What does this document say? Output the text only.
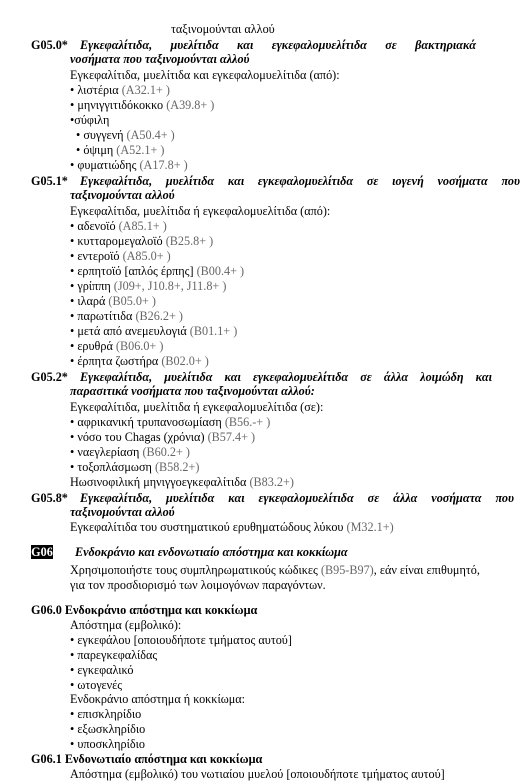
ταξινομούνται αλλού
G05.0* Εγκεφαλίτιδα, μυελίτιδα και εγκεφαλομυελίτιδα σε βακτηριακά
νοσήματα που ταξινομούνται αλλού
Εγκεφαλίτιδα, μυελίτιδα και εγκεφαλομυελίτιδα (από):
• λιστέρια (A32.1+ )
• μηνιγγιτιδόκοκκο (A39.8+ )
•σύφιλη
• συγγενή (A50.4+ )
• όψιμη (A52.1+ )
• φυματιώδης (A17.8+ )
G05.1* Εγκεφαλίτιδα, μυελίτιδα και εγκεφαλομυελίτιδα σε ιογενή νοσήματα που
ταξινομούνται αλλού
Εγκεφαλίτιδα, μυελίτιδα ή εγκεφαλομυελίτιδα (από):
• αδενοϊό (A85.1+ )
• κυτταρομεγαλοϊό (B25.8+ )
• εντεροϊό (A85.0+ )
• ερπητοϊό [απλός έρπης] (B00.4+ )
• γρίππη (J09+, J10.8+, J11.8+ )
• ιλαρά (B05.0+ )
• παρωτίτιδα (B26.2+ )
• μετά από ανεμευλογιά (B01.1+ )
• ερυθρά (B06.0+ )
• έρπητα ζωστήρα (B02.0+ )
G05.2* Εγκεφαλίτιδα, μυελίτιδα και εγκεφαλομυελίτιδα σε άλλα λοιμώδη και
παρασιτικά νοσήματα που ταξινομούνται αλλού:
Εγκεφαλίτιδα, μυελίτιδα ή εγκεφαλομυελίτιδα (σε):
• αφρικανική τρυπανοσωμίαση (B56.-+ )
• νόσο του Chagas (χρόνια) (B57.4+ )
• ναεγλερίαση (B60.2+ )
• τοξοπλάσμωση (B58.2+)
Ηωσινοφιλική μηνιγγοεγκεφαλίτιδα (B83.2+)
G05.8* Εγκεφαλίτιδα, μυελίτιδα και εγκεφαλομυελίτιδα σε άλλα νοσήματα που
ταξινομούνται αλλού
Εγκεφαλίτιδα του συστηματικού ερυθηματώδους λύκου (M32.1+)
G06 Ενδοκράνιο και ενδονωτιαίο απόστημα και κοκκίωμα
Χρησιμοποιήστε τους συμπληρωματικούς κώδικες (B95-B97), εάν είναι επιθυμητό,
για τον προσδιορισμό των λοιμογόνων παραγόντων.
G06.0 Ενδοκράνιο απόστημα και κοκκίωμα
Απόστημα (εμβολικό):
• εγκεφάλου [οποιουδήποτε τμήματος αυτού]
• παρεγκεφαλίδας
• εγκεφαλικό
• ωτογενές
Ενδοκράνιο απόστημα ή κοκκίωμα:
• επισκληρίδιο
• εξωσκληρίδιο
• υποσκληρίδιο
G06.1 Ενδονωτιαίο απόστημα και κοκκίωμα
Απόστημα (εμβολικό) του νωτιαίου μυελού [οποιουδήποτε τμήματος αυτού]
